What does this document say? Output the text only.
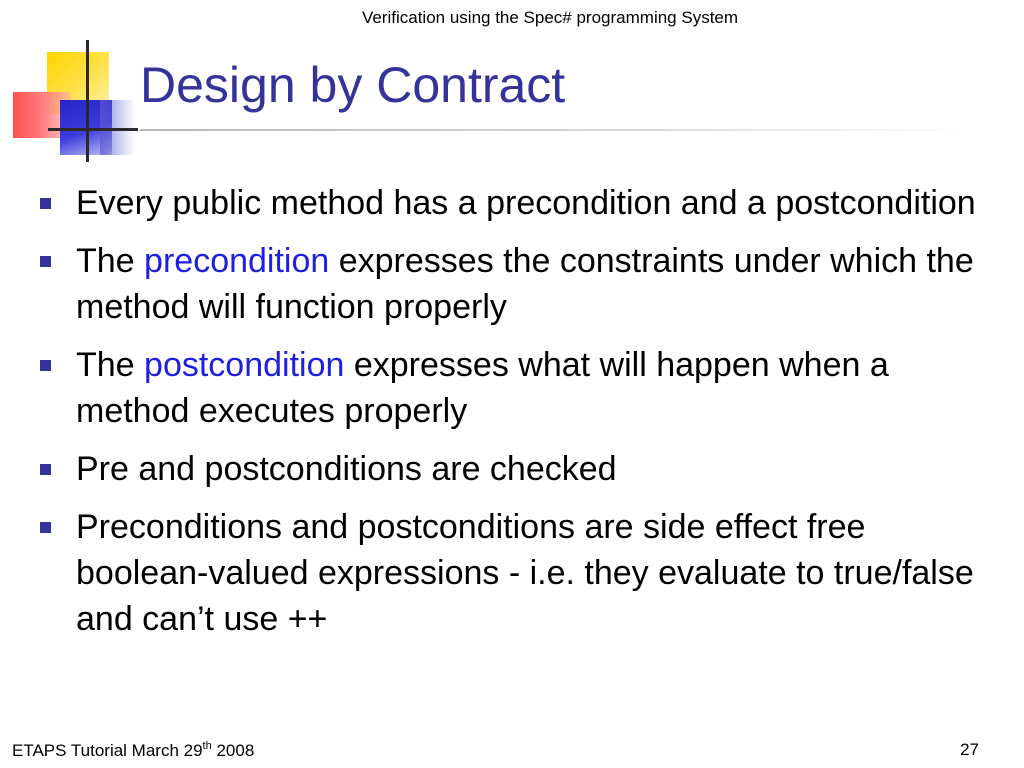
Verification using the Spec# programming System
Design by Contract
Every public method has a precondition and a postcondition
The precondition expresses the constraints under which the method will function properly
The postcondition expresses what will happen when a method executes properly
Pre and postconditions are checked
Preconditions and postconditions are side effect free boolean-valued expressions - i.e. they evaluate to true/false and can’t use ++
ETAPS Tutorial March 29th 2008	27
